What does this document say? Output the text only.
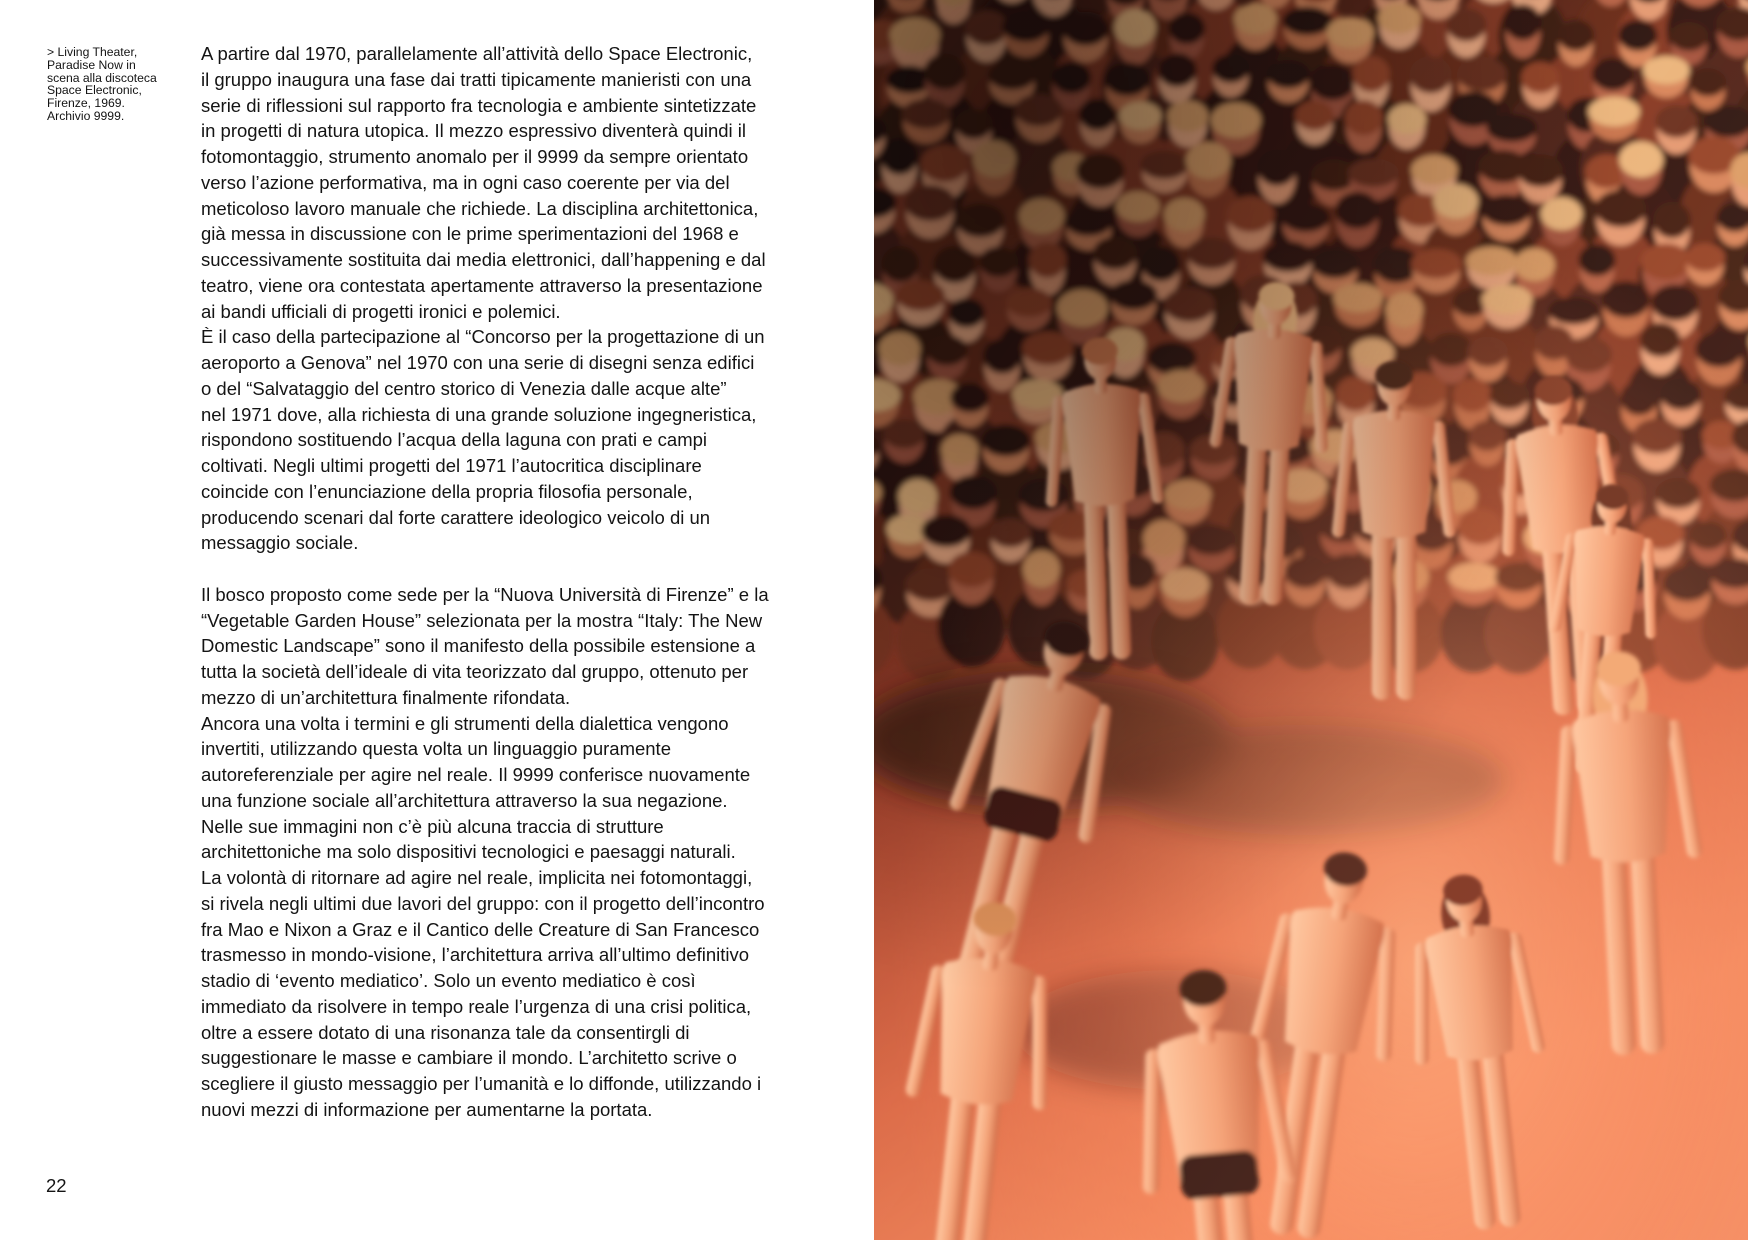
> Living Theater,
Paradise Now in
scena alla discoteca
Space Electronic,
Firenze, 1969.
Archivio 9999.
A partire dal 1970, parallelamente all’attività dello Space Electronic,
il gruppo inaugura una fase dai tratti tipicamente manieristi con una
serie di riflessioni sul rapporto fra tecnologia e ambiente sintetizzate
in progetti di natura utopica. Il mezzo espressivo diventerà quindi il
fotomontaggio, strumento anomalo per il 9999 da sempre orientato
verso l’azione performativa, ma in ogni caso coerente per via del
meticoloso lavoro manuale che richiede. La disciplina architettonica,
già messa in discussione con le prime sperimentazioni del 1968 e
successivamente sostituita dai media elettronici, dall’happening e dal
teatro, viene ora contestata apertamente attraverso la presentazione
ai bandi ufficiali di progetti ironici e polemici.
È il caso della partecipazione al “Concorso per la progettazione di un
aeroporto a Genova” nel 1970 con una serie di disegni senza edifici
o del “Salvataggio del centro storico di Venezia dalle acque alte”
nel 1971 dove, alla richiesta di una grande soluzione ingegneristica,
rispondono sostituendo l’acqua della laguna con prati e campi
coltivati. Negli ultimi progetti del 1971 l’autocritica disciplinare
coincide con l’enunciazione della propria filosofia personale,
producendo scenari dal forte carattere ideologico veicolo di un
messaggio sociale.
Il bosco proposto come sede per la “Nuova Università di Firenze” e la
“Vegetable Garden House” selezionata per la mostra “Italy: The New
Domestic Landscape” sono il manifesto della possibile estensione a
tutta la società dell’ideale di vita teorizzato dal gruppo, ottenuto per
mezzo di un’architettura finalmente rifondata.
Ancora una volta i termini e gli strumenti della dialettica vengono
invertiti, utilizzando questa volta un linguaggio puramente
autoreferenziale per agire nel reale. Il 9999 conferisce nuovamente
una funzione sociale all’architettura attraverso la sua negazione.
Nelle sue immagini non c’è più alcuna traccia di strutture
architettoniche ma solo dispositivi tecnologici e paesaggi naturali.
La volontà di ritornare ad agire nel reale, implicita nei fotomontaggi,
si rivela negli ultimi due lavori del gruppo: con il progetto dell’incontro
fra Mao e Nixon a Graz e il Cantico delle Creature di San Francesco
trasmesso in mondo-visione, l’architettura arriva all’ultimo definitivo
stadio di ‘evento mediatico’. Solo un evento mediatico è così
immediato da risolvere in tempo reale l’urgenza di una crisi politica,
oltre a essere dotato di una risonanza tale da consentirgli di
suggestionare le masse e cambiare il mondo. L’architetto scrive o
scegliere il giusto messaggio per l’umanità e lo diffonde, utilizzando i
nuovi mezzi di informazione per aumentarne la portata.
22
